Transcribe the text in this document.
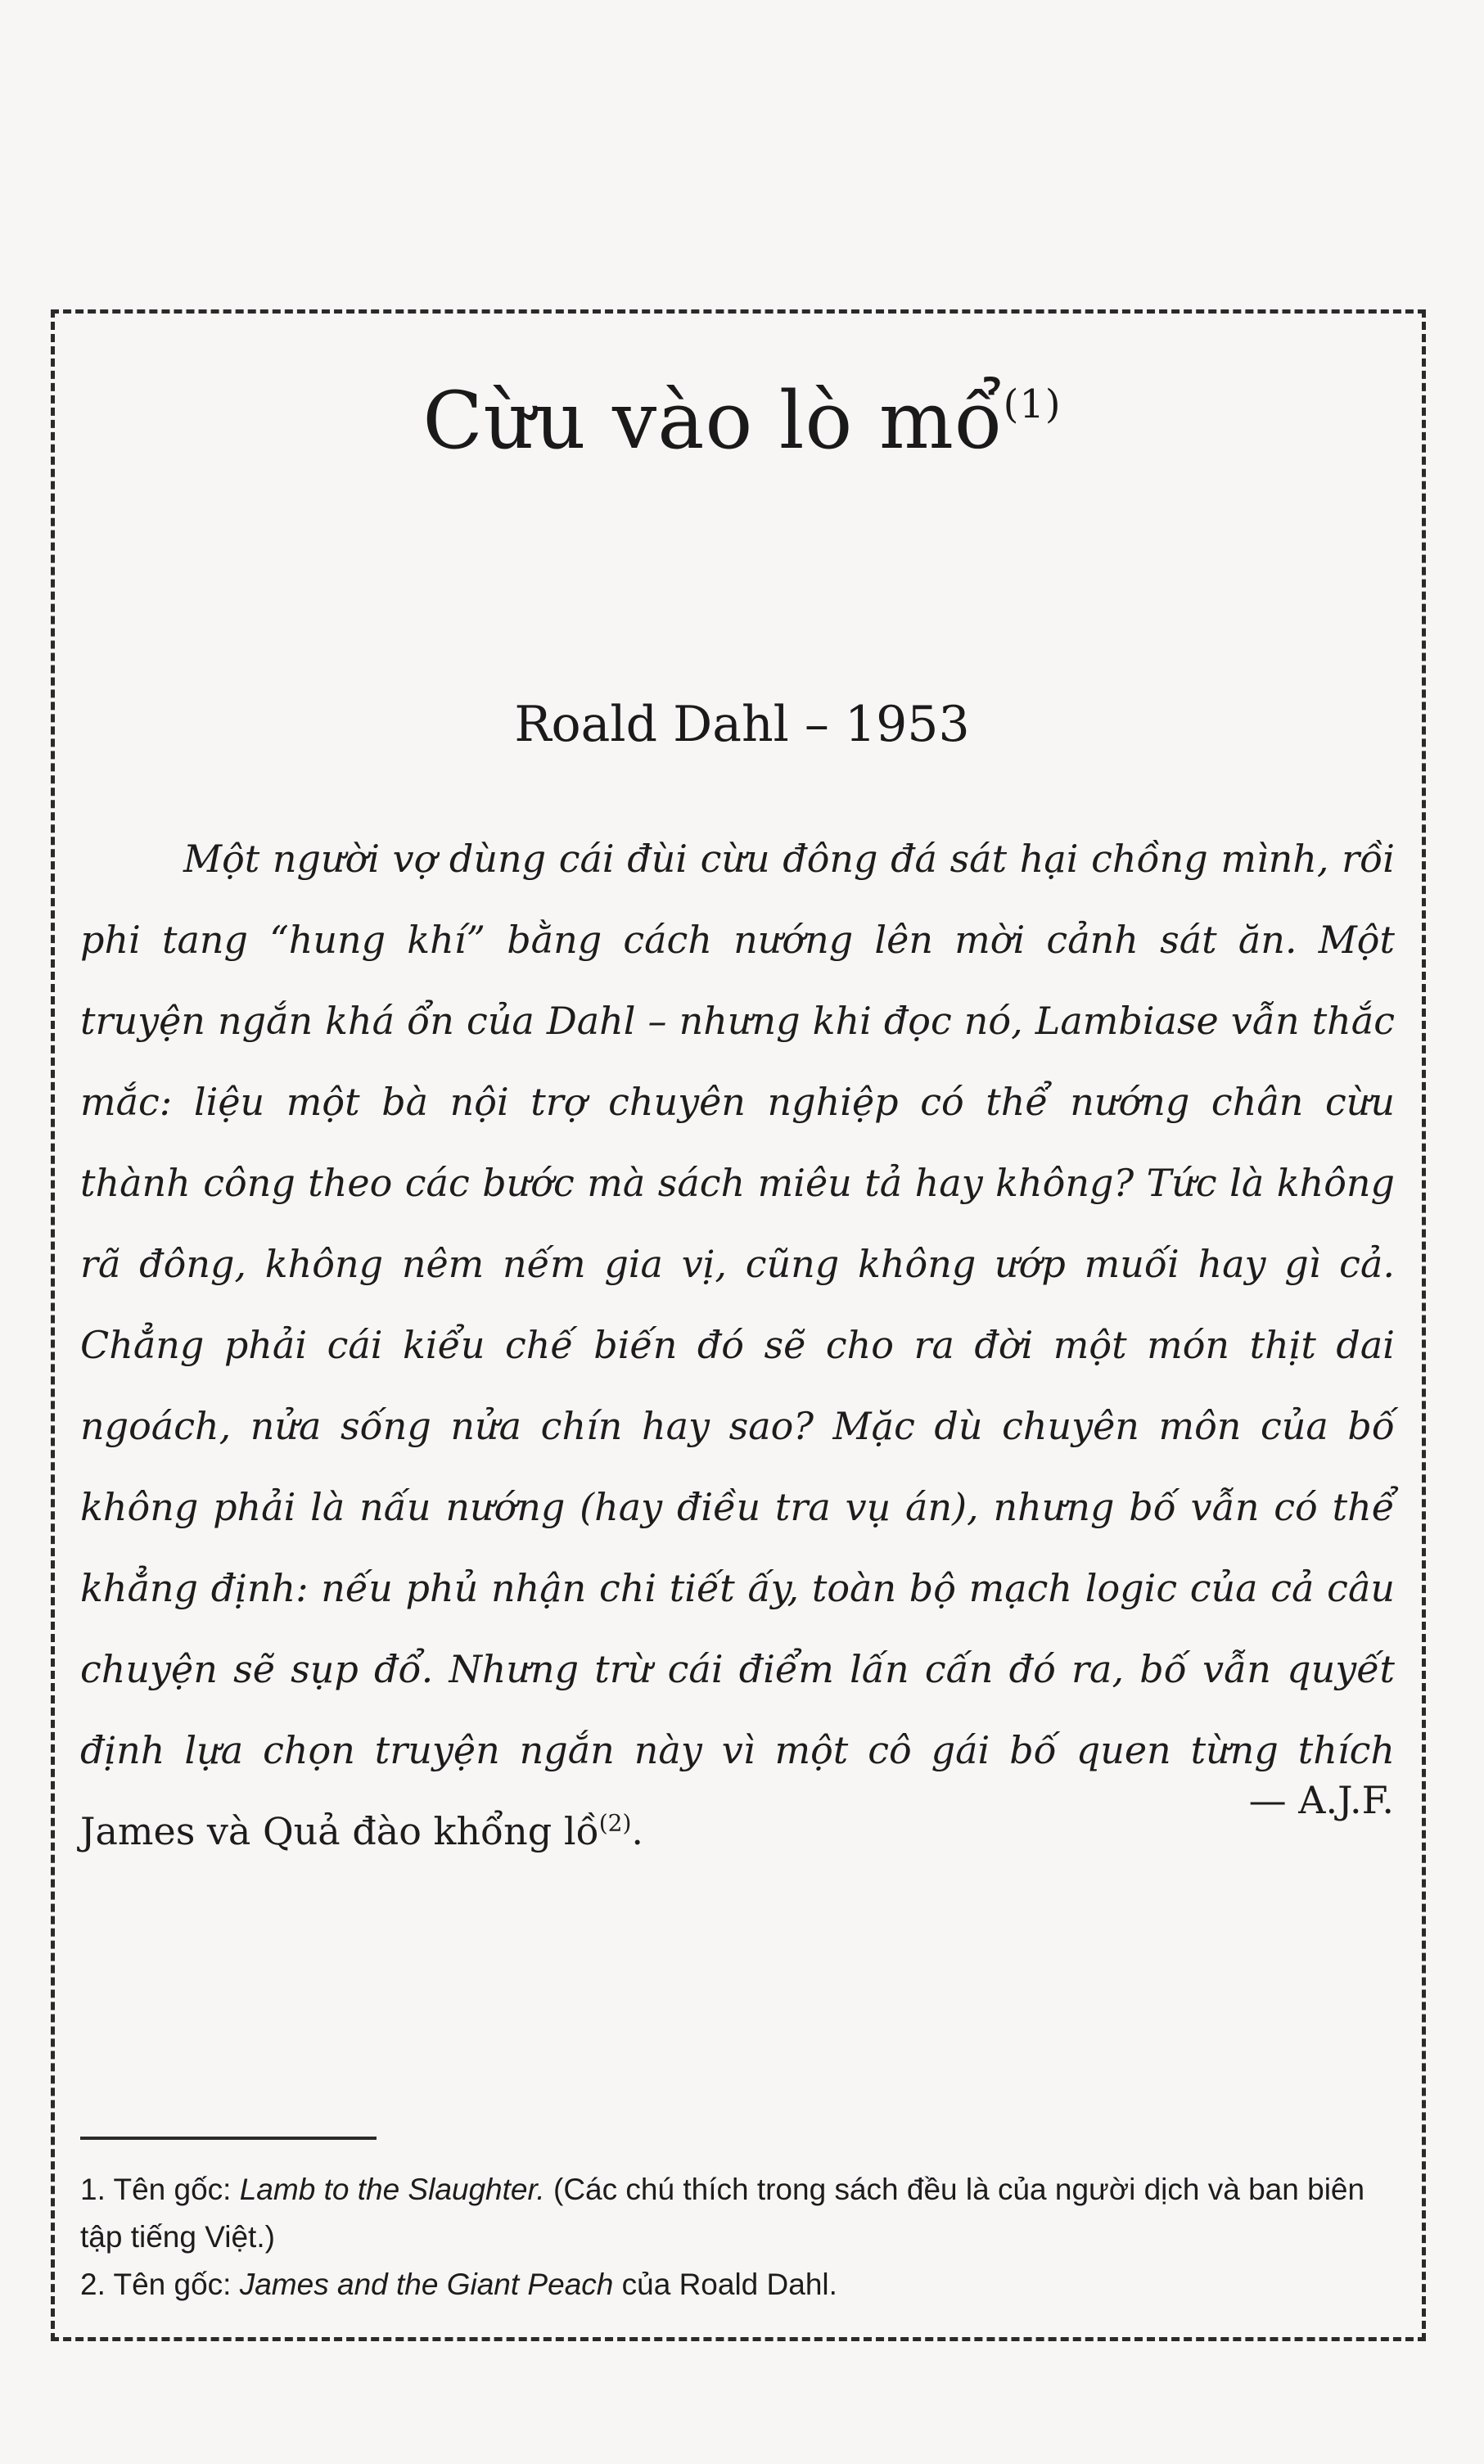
Cừu vào lò mổ$^{(1)}$
Roald Dahl – 1953

Một người vợ dùng cái đùi cừu đông đá sát hại chồng mình, rồi phi tang “hung khí” bằng cách nướng lên mời cảnh sát ăn. Một truyện ngắn khá ổn của Dahl – nhưng khi đọc nó, Lambiase vẫn thắc mắc: liệu một bà nội trợ chuyên nghiệp có thể nướng chân cừu thành công theo các bước mà sách miêu tả hay không? Tức là không rã đông, không nêm nếm gia vị, cũng không ướp muối hay gì cả. Chẳng phải cái kiểu chế biến đó sẽ cho ra đời một món thịt dai ngoách, nửa sống nửa chín hay sao? Mặc dù chuyên môn của bố không phải là nấu nướng (hay điều tra vụ án), nhưng bố vẫn có thể khẳng định: nếu phủ nhận chi tiết ấy, toàn bộ mạch logic của cả câu chuyện sẽ sụp đổ. Nhưng trừ cái điểm lấn cấn đó ra, bố vẫn quyết định lựa chọn truyện ngắn này vì một cô gái bố quen từng thích James và Quả đào khổng lồ$^{(2)}$.

— A.J.F.

1. Tên gốc: Lamb to the Slaughter. (Các chú thích trong sách đều là của người dịch và ban biên tập tiếng Việt.)

2. Tên gốc: James and the Giant Peach của Roald Dahl.
